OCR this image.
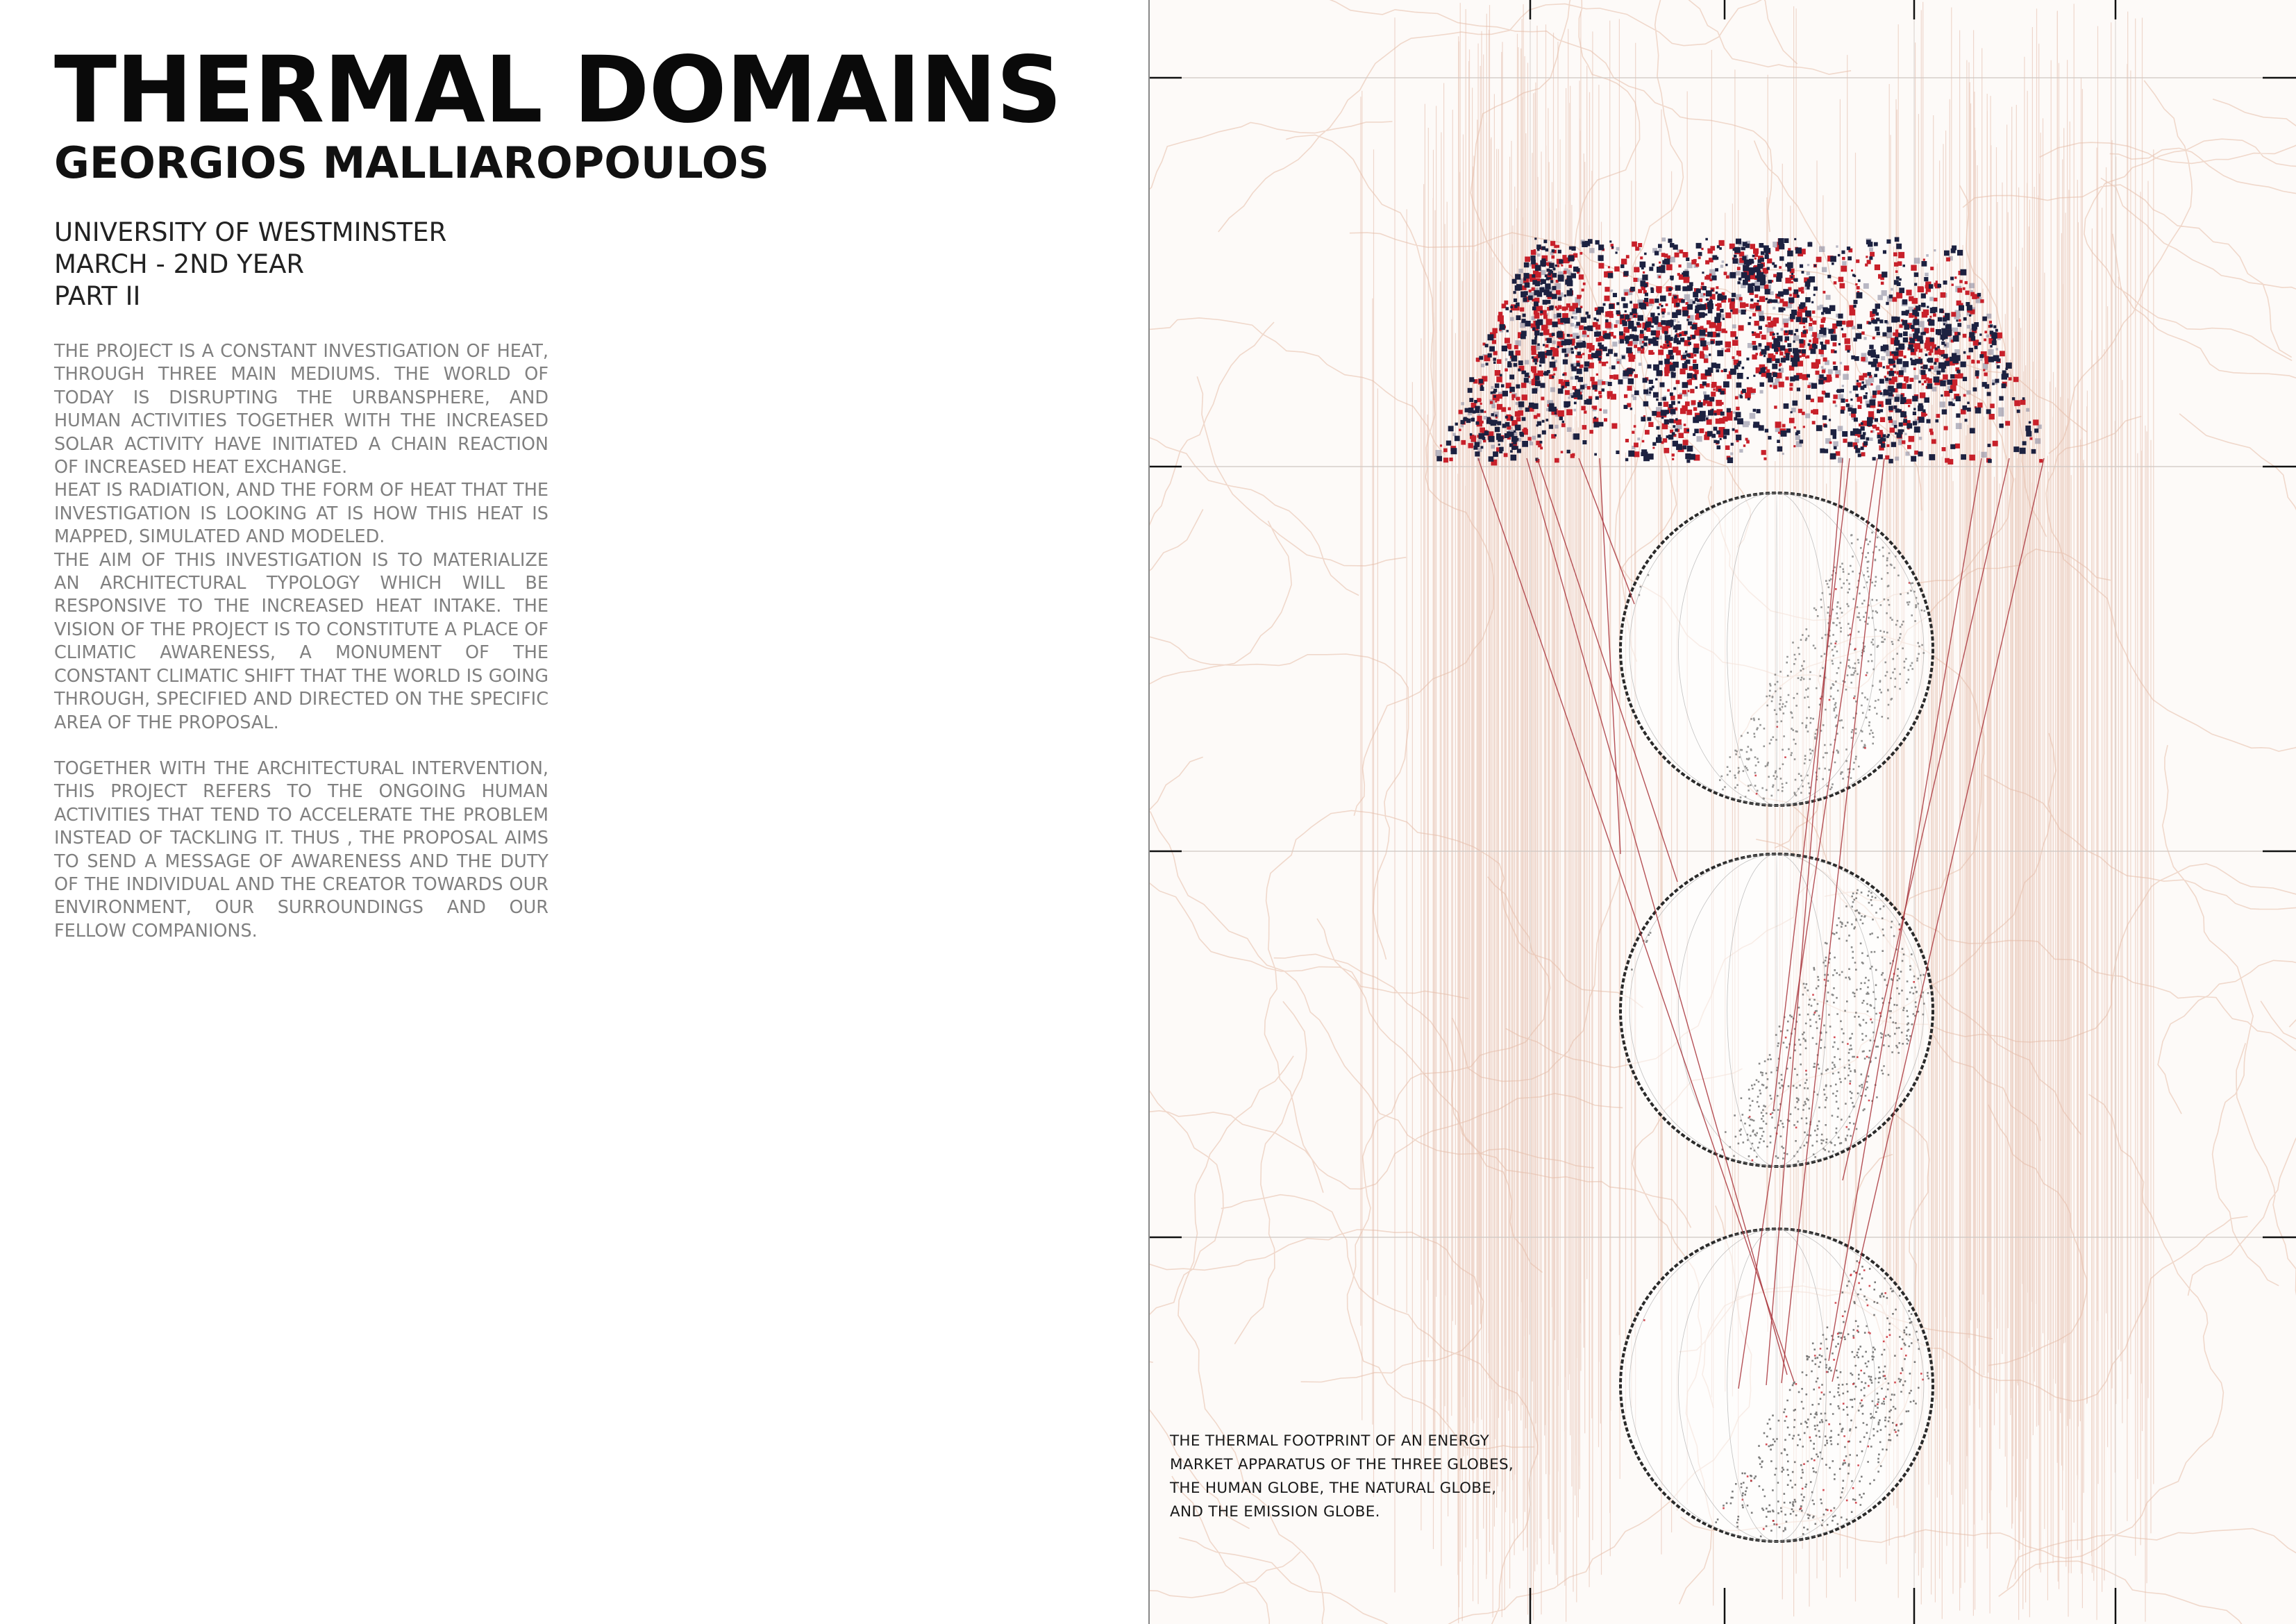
THERMAL DOMAINS
GEORGIOS MALLIAROPOULOS
UNIVERSITY OF WESTMINSTER
MARCH - 2ND YEAR
PART II

THE PROJECT IS A CONSTANT INVESTIGATION OF HEAT, THROUGH THREE MAIN MEDIUMS. THE WORLD OF TODAY IS DISRUPTING THE URBANSPHERE, AND HUMAN ACTIVITIES TOGETHER WITH THE INCREASED SOLAR ACTIVITY HAVE INITIATED A CHAIN REACTION OF INCREASED HEAT EXCHANGE.

HEAT IS RADIATION, AND THE FORM OF HEAT THAT THE INVESTIGATION IS LOOKING AT IS HOW THIS HEAT IS MAPPED, SIMULATED AND MODELED.

THE AIM OF THIS INVESTIGATION IS TO MATERIALIZE AN ARCHITECTURAL TYPOLOGY WHICH WILL BE RESPONSIVE TO THE INCREASED HEAT INTAKE. THE VISION OF THE PROJECT IS TO CONSTITUTE A PLACE OF CLIMATIC AWARENESS, A MONUMENT OF THE CONSTANT CLIMATIC SHIFT THAT THE WORLD IS GOING THROUGH, SPECIFIED AND DIRECTED ON THE SPECIFIC AREA OF THE PROPOSAL.

TOGETHER WITH THE ARCHITECTURAL INTERVENTION, THIS PROJECT REFERS TO THE ONGOING HUMAN ACTIVITIES THAT TEND TO ACCELERATE THE PROBLEM INSTEAD OF TACKLING IT. THUS , THE PROPOSAL AIMS TO SEND A MESSAGE OF AWARENESS AND THE DUTY OF THE INDIVIDUAL AND THE CREATOR TOWARDS OUR ENVIRONMENT, OUR SURROUNDINGS AND OUR FELLOW COMPANIONS.

THE THERMAL FOOTPRINT OF AN ENERGY
MARKET APPARATUS OF THE THREE GLOBES,
THE HUMAN GLOBE, THE NATURAL GLOBE,
AND THE EMISSION GLOBE.
